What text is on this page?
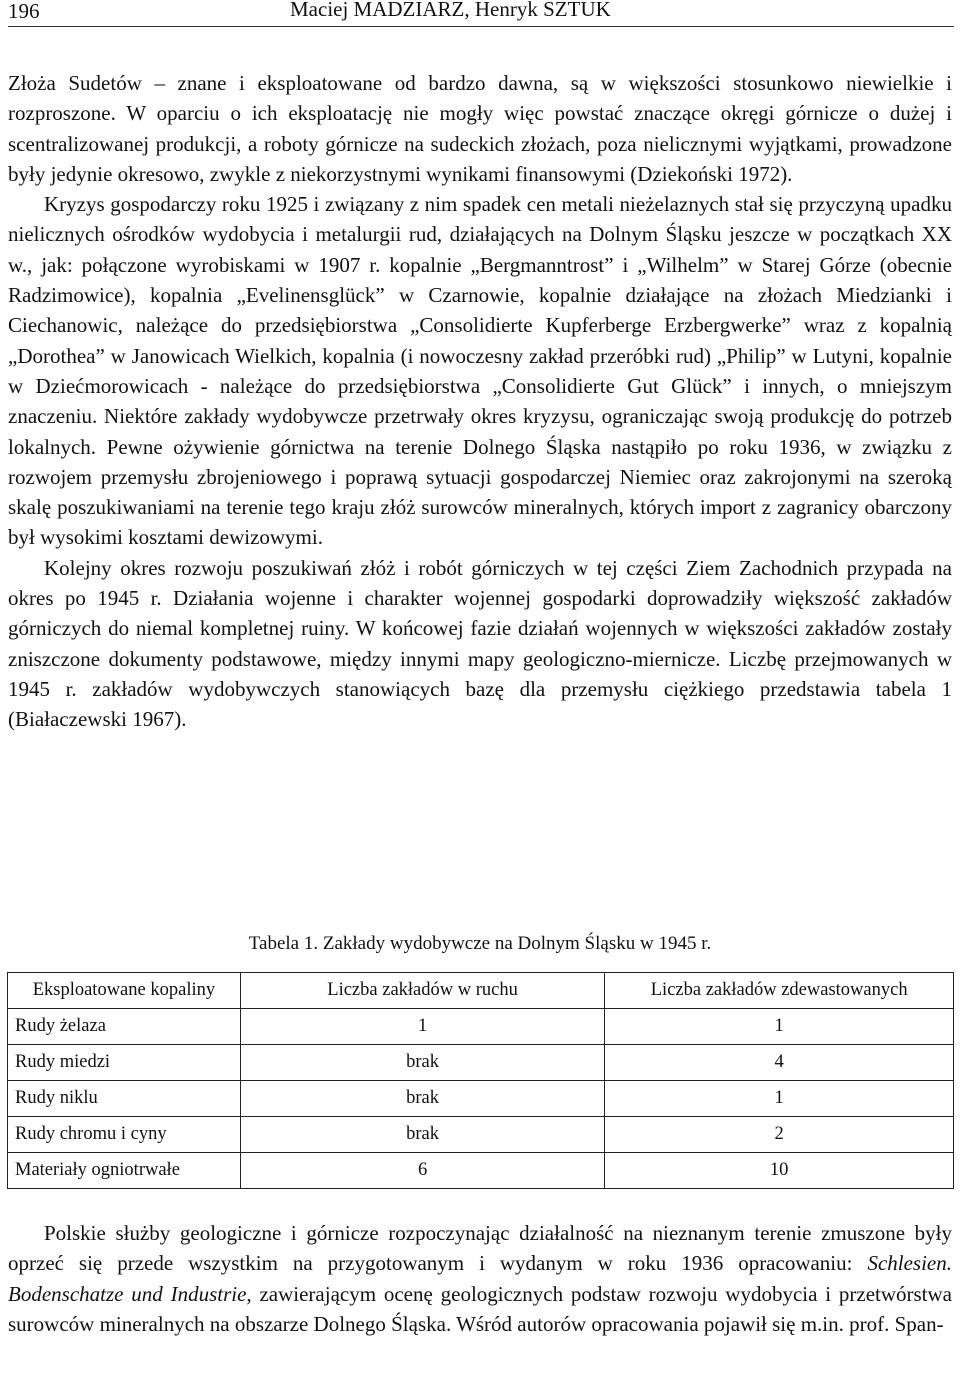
196	Maciej MADZIARZ, Henryk SZTUK

Złoża Sudetów – znane i eksploatowane od bardzo dawna, są w większości stosunkowo niewielkie i rozproszone. W oparciu o ich eksploatację nie mogły więc powstać znaczące okręgi górnicze o dużej i scentralizowanej produkcji, a roboty górnicze na sudeckich złożach, poza nielicznymi wyjątkami, prowadzone były jedynie okresowo, zwykle z niekorzystnymi wynikami finansowymi (Dziekoński 1972).

Kryzys gospodarczy roku 1925 i związany z nim spadek cen metali nieżelaznych stał się przyczyną upadku nielicznych ośrodków wydobycia i metalurgii rud, działających na Dolnym Śląsku jeszcze w początkach XX w., jak: połączone wyrobiskami w 1907 r. kopalnie „Bergmanntrost” i „Wilhelm” w Starej Górze (obecnie Radzimowice), kopalnia „Evelinensglück” w Czarnowie, kopalnie działające na złożach Miedzianki i Ciechanowic, należące do przedsiębiorstwa „Consolidierte Kupferberge Erzbergwerke” wraz z kopalnią „Dorothea” w Janowicach Wielkich, kopalnia (i nowoczesny zakład przeróbki rud) „Philip” w Lutyni, kopalnie w Dziećmorowicach - należące do przedsiębiorstwa „Consolidierte Gut Glück” i innych, o mniejszym znaczeniu. Niektóre zakłady wydobywcze przetrwały okres kryzysu, ograniczając swoją produkcję do potrzeb lokalnych. Pewne ożywienie górnictwa na terenie Dolnego Śląska nastąpiło po roku 1936, w związku z rozwojem przemysłu zbrojeniowego i poprawą sytuacji gospodarczej Niemiec oraz zakrojonymi na szeroką skalę poszukiwaniami na terenie tego kraju złóż surowców mineralnych, których import z zagranicy obarczony był wysokimi kosztami dewizowymi.

Kolejny okres rozwoju poszukiwań złóż i robót górniczych w tej części Ziem Zachodnich przypada na okres po 1945 r. Działania wojenne i charakter wojennej gospodarki doprowadziły większość zakładów górniczych do niemal kompletnej ruiny. W końcowej fazie działań wojennych w większości zakładów zostały zniszczone dokumenty podstawowe, między innymi mapy geologiczno-miernicze. Liczbę przejmowanych w 1945 r. zakładów wydobywczych stanowiących bazę dla przemysłu ciężkiego przedstawia tabela 1 (Białaczewski 1967).

Tabela 1. Zakłady wydobywcze na Dolnym Śląsku w 1945 r.
Eksploatowane kopaliny	Liczba zakładów w ruchu	Liczba zakładów zdewastowanych
Rudy żelaza	1	1
Rudy miedzi	brak	4
Rudy niklu	brak	1
Rudy chromu i cyny	brak	2
Materiały ogniotrwałe	6	10

Polskie służby geologiczne i górnicze rozpoczynając działalność na nieznanym terenie zmuszone były oprzeć się przede wszystkim na przygotowanym i wydanym w roku 1936 opracowaniu: Schlesien. Bodenschatze und Industrie, zawierającym ocenę geologicznych podstaw rozwoju wydobycia i przetwórstwa surowców mineralnych na obszarze Dolnego Śląska. Wśród autorów opracowania pojawił się m.in. prof. Span-
